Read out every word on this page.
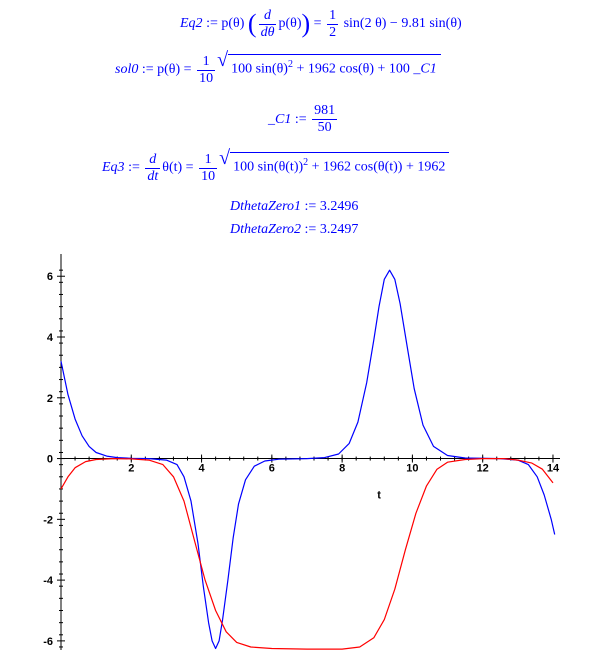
Eq2 := p(θ) ( $\frac{d}{d\theta} p(\theta)) = \frac{1}{2} \sin(2$ θ) − 9.81 sin(θ)
sol0 := $p(\theta) = \frac{1}{10}$ √ 100 $\sin(\theta)^2 + 1962$ cos(θ) + 100 _C1
_C1 := $\frac{981}{50}$
Eq3 := $\frac{d}{dt} \theta(t) = \frac{1}{10}$ √ 100 $\sin(\theta(t))^2 + 1962$ cos(θ(t)) + 1962
DthetaZero1 := 3.2496
DthetaZero2 := 3.2497
2	4	6	8	10	12	14
-6
-4
-2
0
2
4
6
t
